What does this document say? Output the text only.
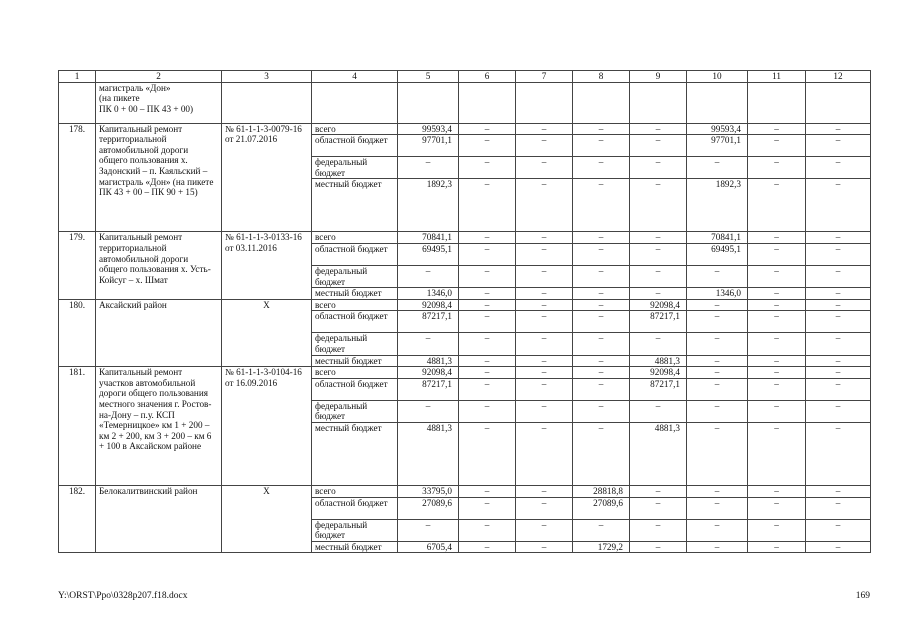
1	2	3	4	5	6	7	8	9	10	11	12
	магистраль «Дон»
(на пикете
ПК 0 + 00 – ПК 43 + 00)										
178.	Капитальный ремонт территориальной автомобильной дороги общего пользования х. Задонский – п. Каяльский – магистраль «Дон» (на пикете ПК 43 + 00 – ПК 90 + 15)	№ 61-1-1-3-0079-16 от 21.07.2016	всего	99593,4	–	–	–	–	99593,4	–	–
			областной бюджет	97701,1	–	–	–	–	97701,1	–	–
			федеральный бюджет	–	–	–	–	–	–	–	–
			местный бюджет	1892,3	–	–	–	–	1892,3	–	–
179.	Капитальный ремонт территориальной автомобильной дороги общего пользования х. Усть-Койсуг – х. Шмат	№ 61-1-1-3-0133-16 от 03.11.2016	всего	70841,1	–	–	–	–	70841,1	–	–
			областной бюджет	69495,1	–	–	–	–	69495,1	–	–
			федеральный бюджет	–	–	–	–	–	–	–	–
			местный бюджет	1346,0	–	–	–	–	1346,0	–	–
180.	Аксайский район	Х	всего	92098,4	–	–	–	92098,4	–	–	–
			областной бюджет	87217,1	–	–	–	87217,1	–	–	–
			федеральный бюджет	–	–	–	–	–	–	–	–
			местный бюджет	4881,3	–	–	–	4881,3	–	–	–
181.	Капитальный ремонт участков автомобильной дороги общего пользования местного значения г. Ростов-на-Дону – п.у. КСП «Темерницкое» км 1 + 200 – км 2 + 200, км 3 + 200 – км 6 + 100 в Аксайском районе	№ 61-1-1-3-0104-16 от 16.09.2016	всего	92098,4	–	–	–	92098,4	–	–	–
			областной бюджет	87217,1	–	–	–	87217,1	–	–	–
			федеральный бюджет	–	–	–	–	–	–	–	–
			местный бюджет	4881,3	–	–	–	4881,3	–	–	–
182.	Белокалитвинский район	Х	всего	33795,0	–	–	28818,8	–	–	–	–
			областной бюджет	27089,6	–	–	27089,6	–	–	–	–
			федеральный бюджет	–	–	–	–	–	–	–	–
			местный бюджет	6705,4	–	–	1729,2	–	–	–	–
Y:\ORST\Ppo\0328p207.f18.docx	169
